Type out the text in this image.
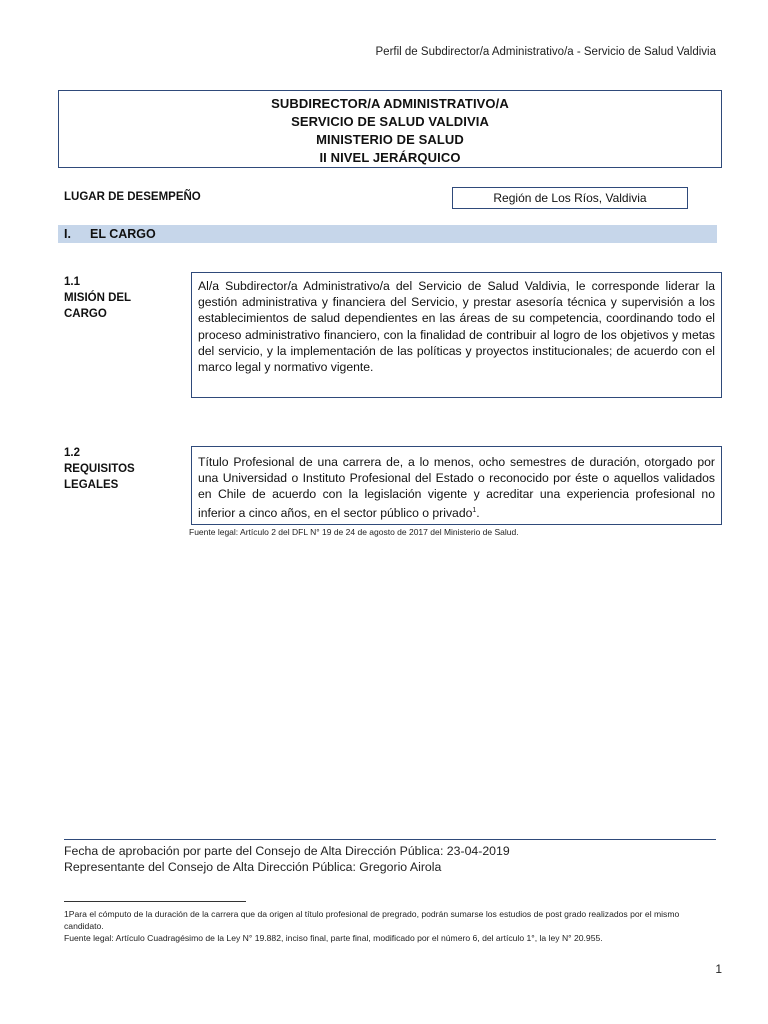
Perfil de Subdirector/a Administrativo/a - Servicio de Salud Valdivia
SUBDIRECTOR/A ADMINISTRATIVO/A
SERVICIO DE SALUD VALDIVIA
MINISTERIO DE SALUD
II NIVEL JERÁRQUICO
LUGAR DE DESEMPEÑO	Región de Los Ríos, Valdivia
I. EL CARGO
1.1
MISIÓN DEL
CARGO
Al/a Subdirector/a Administrativo/a del Servicio de Salud Valdivia, le corresponde liderar la gestión administrativa y financiera del Servicio, y prestar asesoría técnica y supervisión a los establecimientos de salud dependientes en las áreas de su competencia, coordinando todo el proceso administrativo financiero, con la finalidad de contribuir al logro de los objetivos y metas del servicio, y la implementación de las políticas y proyectos institucionales; de acuerdo con el marco legal y normativo vigente.
1.2
REQUISITOS
LEGALES
Título Profesional de una carrera de, a lo menos, ocho semestres de duración, otorgado por una Universidad o Instituto Profesional del Estado o reconocido por éste o aquellos validados en Chile de acuerdo con la legislación vigente y acreditar una experiencia profesional no inferior a cinco años, en el sector público o privado$^1$.
Fuente legal: Artículo 2 del DFL N° 19 de 24 de agosto de 2017 del Ministerio de Salud.
Fecha de aprobación por parte del Consejo de Alta Dirección Pública: 23-04-2019
Representante del Consejo de Alta Dirección Pública: Gregorio Airola
1Para el cómputo de la duración de la carrera que da origen al título profesional de pregrado, podrán sumarse los estudios de post grado realizados por el mismo candidato.
Fuente legal: Artículo Cuadragésimo de la Ley N° 19.882, inciso final, parte final, modificado por el número 6, del artículo 1°, la ley N° 20.955.
1
